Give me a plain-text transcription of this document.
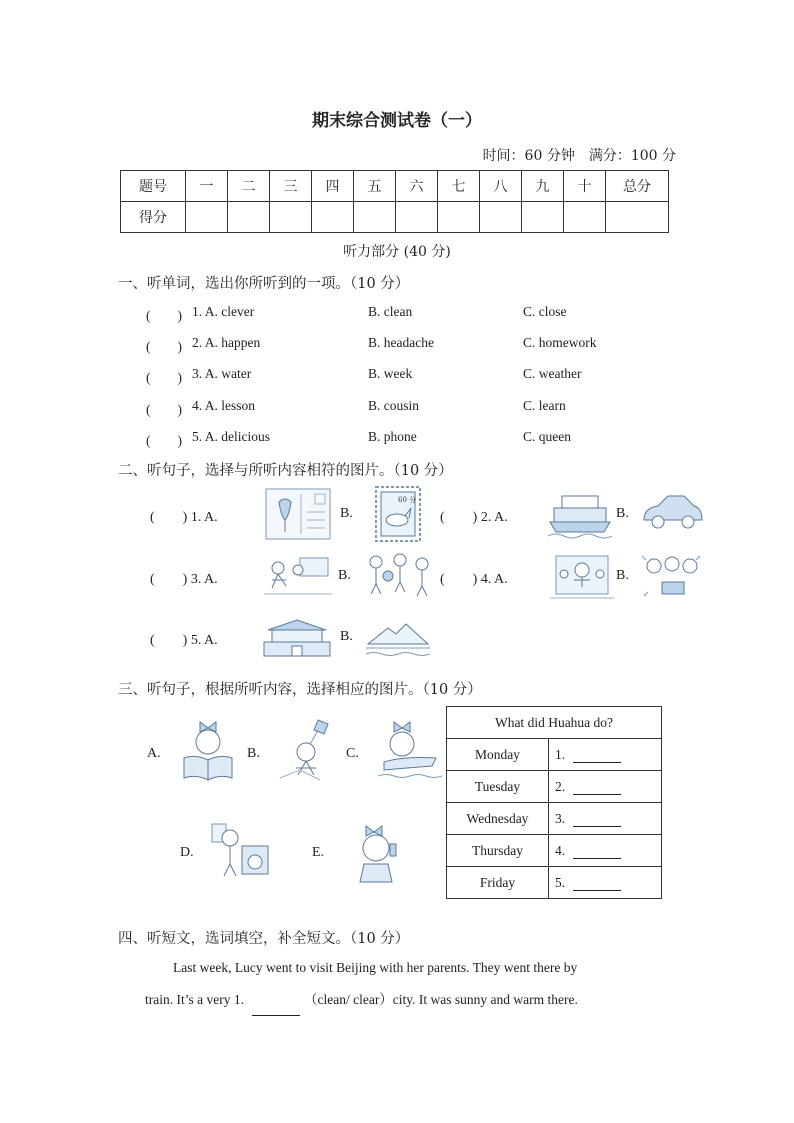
期末综合测试卷（一）
时间：60 分钟　满分：100 分
题号	一	二	三	四	五	六	七	八	九	十	总分
得分											
听力部分 (40 分)
一、听单词，选出你所听到的一项。（10 分）
(　　) 1. A. clever	B. clean	C. close
(　　) 2. A. happen	B. headache	C. homework
(　　) 3. A. water	B. week	C. weather
(　　) 4. A. lesson	B. cousin	C. learn
(　　) 5. A. delicious	B. phone	C. queen
二、听句子，选择与所听内容相符的图片。（10 分）
(　　) 1. A.	B.
60 分
(　　) 2. A.	B.
(　　) 3. A.	B.	(　　) 4. A.	B.
(　　) 5. A.	B.
三、听句子，根据所听内容，选择相应的图片。（10 分）
A.	B.	C.
D.	E.
What did Huahua do?	
Monday	1.
Tuesday	2.
Wednesday	3.
Thursday	4.
Friday	5.
四、听短文，选词填空，补全短文。（10 分）
Last week, Lucy went to visit Beijing with her parents. They went there by
train. It’s a very 1.	（clean/ clear）city. It was sunny and warm there.
